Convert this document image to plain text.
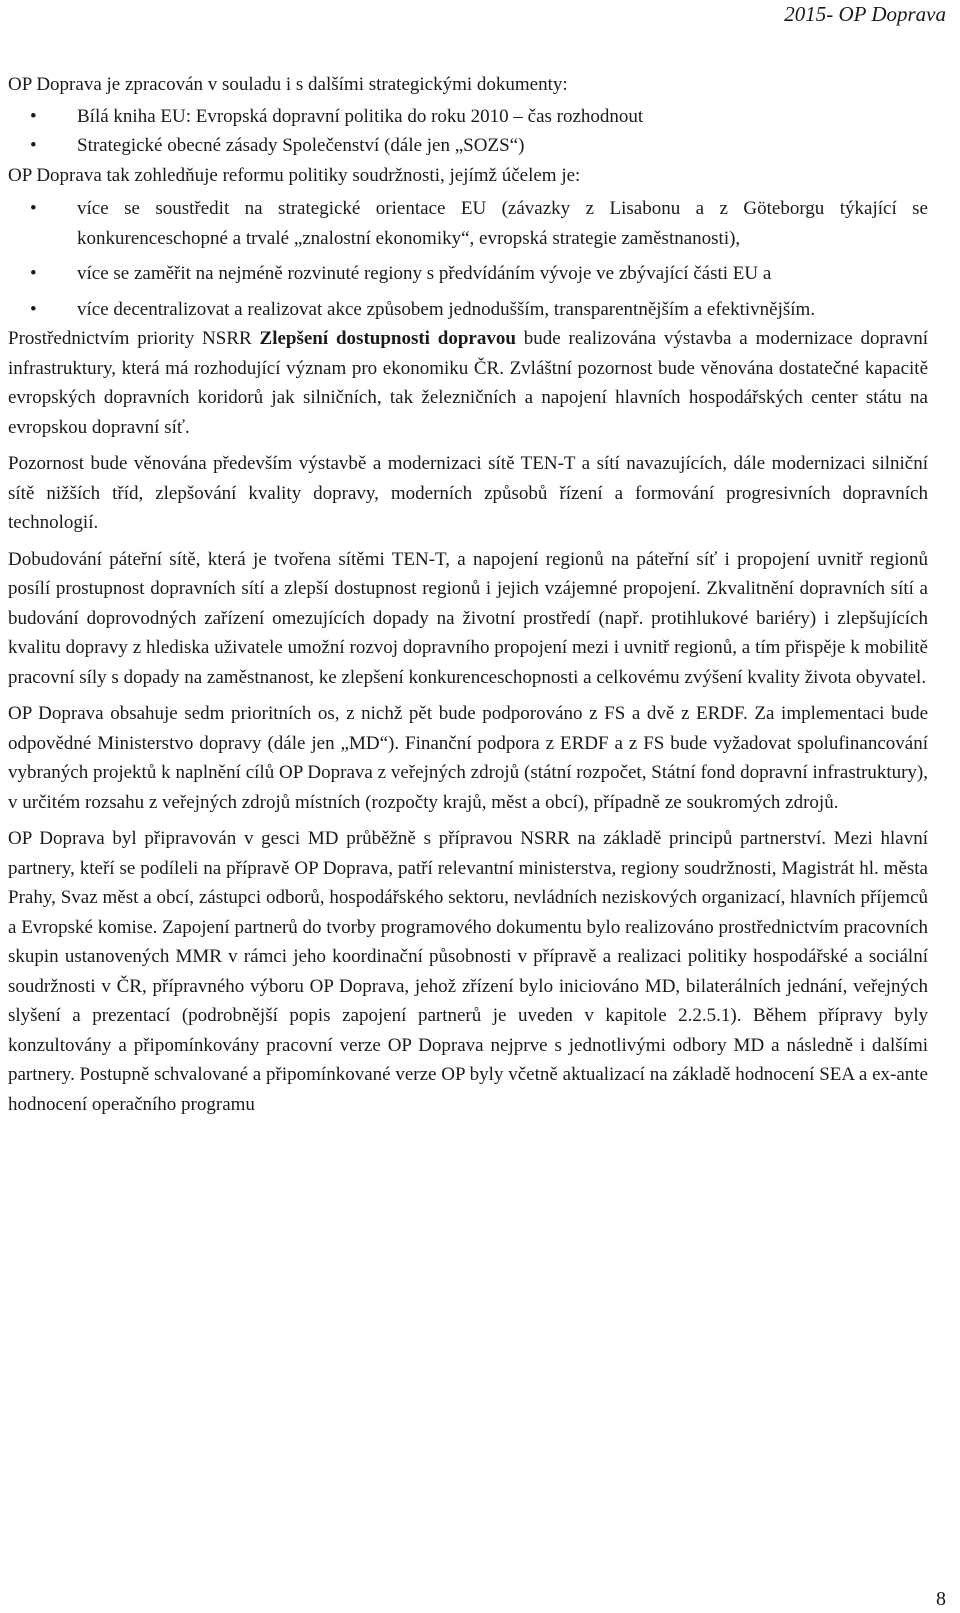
2015- OP Doprava

OP Doprava je zpracován v souladu i s dalšími strategickými dokumenty:

• Bílá kniha EU: Evropská dopravní politika do roku 2010 – čas rozhodnout
• Strategické obecné zásady Společenství (dále jen „SOZS“)

OP Doprava tak zohledňuje reformu politiky soudržnosti, jejímž účelem je:

• více se soustředit na strategické orientace EU (závazky z Lisabonu a z Göteborgu týkající se konkurenceschopné a trvalé „znalostní ekonomiky“, evropská strategie zaměstnanosti),
• více se zaměřit na nejméně rozvinuté regiony s předvídáním vývoje ve zbývající části EU a
• více decentralizovat a realizovat akce způsobem jednodušším, transparentnějším a efektivnějším.

Prostřednictvím priority NSRR Zlepšení dostupnosti dopravou bude realizována výstavba a modernizace dopravní infrastruktury, která má rozhodující význam pro ekonomiku ČR. Zvláštní pozornost bude věnována dostatečné kapacitě evropských dopravních koridorů jak silničních, tak železničních a napojení hlavních hospodářských center státu na evropskou dopravní síť.

Pozornost bude věnována především výstavbě a modernizaci sítě TEN-T a sítí navazujících, dále modernizaci silniční sítě nižších tříd, zlepšování kvality dopravy, moderních způsobů řízení a formování progresivních dopravních technologií.

Dobudování páteřní sítě, která je tvořena sítěmi TEN-T, a napojení regionů na páteřní síť i propojení uvnitř regionů posílí prostupnost dopravních sítí a zlepší dostupnost regionů i jejich vzájemné propojení. Zkvalitnění dopravních sítí a budování doprovodných zařízení omezujících dopady na životní prostředí (např. protihlukové bariéry) i zlepšujících kvalitu dopravy z hlediska uživatele umožní rozvoj dopravního propojení mezi i uvnitř regionů, a tím přispěje k mobilitě pracovní síly s dopady na zaměstnanost, ke zlepšení konkurenceschopnosti a celkovému zvýšení kvality života obyvatel.

OP Doprava obsahuje sedm prioritních os, z nichž pět bude podporováno z FS a dvě z ERDF. Za implementaci bude odpovědné Ministerstvo dopravy (dále jen „MD“). Finanční podpora z ERDF a z FS bude vyžadovat spolufinancování vybraných projektů k naplnění cílů OP Doprava z veřejných zdrojů (státní rozpočet, Státní fond dopravní infrastruktury), v určitém rozsahu z veřejných zdrojů místních (rozpočty krajů, měst a obcí), případně ze soukromých zdrojů.

OP Doprava byl připravován v gesci MD průběžně s přípravou NSRR na základě principů partnerství. Mezi hlavní partnery, kteří se podíleli na přípravě OP Doprava, patří relevantní ministerstva, regiony soudržnosti, Magistrát hl. města Prahy, Svaz měst a obcí, zástupci odborů, hospodářského sektoru, nevládních neziskových organizací, hlavních příjemců a Evropské komise. Zapojení partnerů do tvorby programového dokumentu bylo realizováno prostřednictvím pracovních skupin ustanovených MMR v rámci jeho koordinační působnosti v přípravě a realizaci politiky hospodářské a sociální soudržnosti v ČR, přípravného výboru OP Doprava, jehož zřízení bylo iniciováno MD, bilaterálních jednání, veřejných slyšení a prezentací (podrobnější popis zapojení partnerů je uveden v kapitole 2.2.5.1). Během přípravy byly konzultovány a připomínkovány pracovní verze OP Doprava nejprve s jednotlivými odbory MD a následně i dalšími partnery. Postupně schvalované a připomínkované verze OP byly včetně aktualizací na základě hodnocení SEA a ex-ante hodnocení operačního programu

8
